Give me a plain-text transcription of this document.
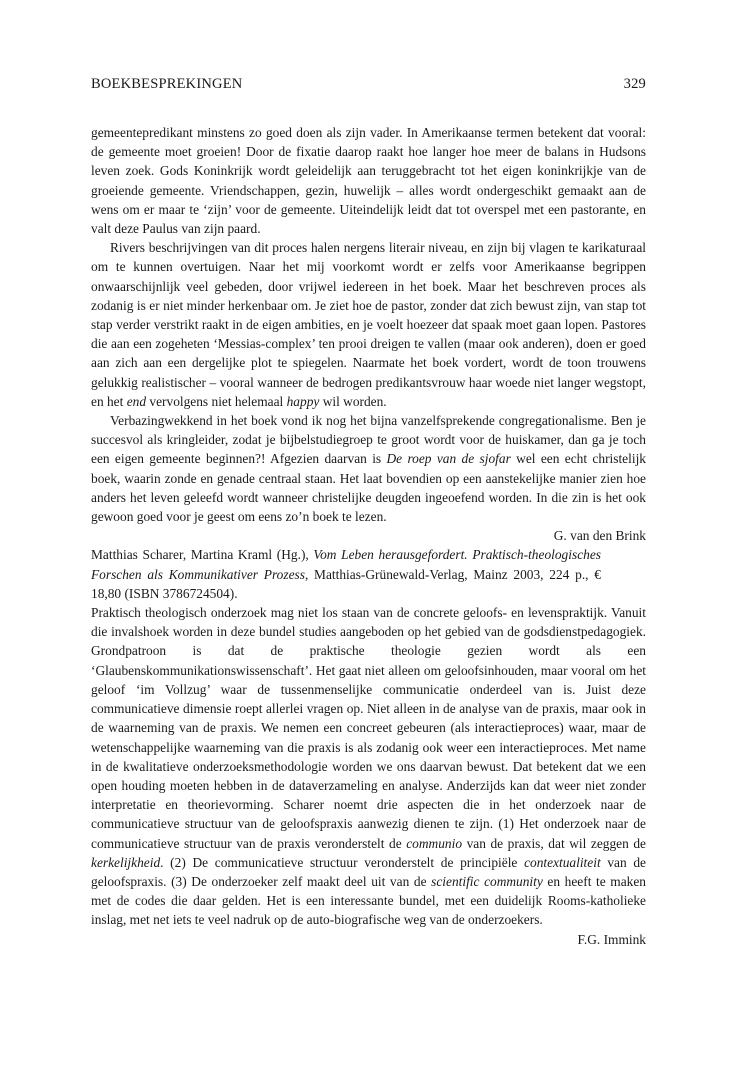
BOEKBESPREKINGEN	329

gemeentepredikant minstens zo goed doen als zijn vader. In Amerikaanse termen betekent dat vooral: de gemeente moet groeien! Door de fixatie daarop raakt hoe langer hoe meer de balans in Hudsons leven zoek. Gods Koninkrijk wordt geleidelijk aan teruggebracht tot het eigen koninkrijkje van de groeiende gemeente. Vriendschappen, gezin, huwelijk – alles wordt ondergeschikt gemaakt aan de wens om er maar te ‘zijn’ voor de gemeente. Uiteindelijk leidt dat tot overspel met een pastorante, en valt deze Paulus van zijn paard.

Rivers beschrijvingen van dit proces halen nergens literair niveau, en zijn bij vlagen te karikaturaal om te kunnen overtuigen. Naar het mij voorkomt wordt er zelfs voor Amerikaanse begrippen onwaarschijnlijk veel gebeden, door vrijwel iedereen in het boek. Maar het beschreven proces als zodanig is er niet minder herkenbaar om. Je ziet hoe de pastor, zonder dat zich bewust zijn, van stap tot stap verder verstrikt raakt in de eigen ambities, en je voelt hoezeer dat spaak moet gaan lopen. Pastores die aan een zogeheten ‘Messias-complex’ ten prooi dreigen te vallen (maar ook anderen), doen er goed aan zich aan een dergelijke plot te spiegelen. Naarmate het boek vordert, wordt de toon trouwens gelukkig realistischer – vooral wanneer de bedrogen predikantsvrouw haar woede niet langer wegstopt, en het end vervolgens niet helemaal happy wil worden.

Verbazingwekkend in het boek vond ik nog het bijna vanzelfsprekende congregationalisme. Ben je succesvol als kringleider, zodat je bijbelstudiegroep te groot wordt voor de huiskamer, dan ga je toch een eigen gemeente beginnen?! Afgezien daarvan is De roep van de sjofar wel een echt christelijk boek, waarin zonde en genade centraal staan. Het laat bovendien op een aanstekelijke manier zien hoe anders het leven geleefd wordt wanneer christelijke deugden ingeoefend worden. In die zin is het ook gewoon goed voor je geest om eens zo’n boek te lezen.

G. van den Brink

Matthias Scharer, Martina Kraml (Hg.), Vom Leben herausgefordert. Praktisch-theologisches Forschen als Kommunikativer Prozess, Matthias-Grünewald-Verlag, Mainz 2003, 224 p., € 18,80 (ISBN 3786724504).

Praktisch theologisch onderzoek mag niet los staan van de concrete geloofs- en levenspraktijk. Vanuit die invalshoek worden in deze bundel studies aangeboden op het gebied van de godsdienstpedagogiek. Grondpatroon is dat de praktische theologie gezien wordt als een ‘Glaubenskommunikationswissenschaft’. Het gaat niet alleen om geloofsinhouden, maar vooral om het geloof ‘im Vollzug’ waar de tussenmenselijke communicatie onderdeel van is. Juist deze communicatieve dimensie roept allerlei vragen op. Niet alleen in de analyse van de praxis, maar ook in de waarneming van de praxis. We nemen een concreet gebeuren (als interactieproces) waar, maar de wetenschappelijke waarneming van die praxis is als zodanig ook weer een interactieproces. Met name in de kwalitatieve onderzoeksmethodologie worden we ons daarvan bewust. Dat betekent dat we een open houding moeten hebben in de dataverzameling en analyse. Anderzijds kan dat weer niet zonder interpretatie en theorievorming. Scharer noemt drie aspecten die in het onderzoek naar de communicatieve structuur van de geloofspraxis aanwezig dienen te zijn. (1) Het onderzoek naar de communicatieve structuur van de praxis veronderstelt de communio van de praxis, dat wil zeggen de kerkelijkheid. (2) De communicatieve structuur veronderstelt de principiële contextualiteit van de geloofspraxis. (3) De onderzoeker zelf maakt deel uit van de scientific community en heeft te maken met de codes die daar gelden. Het is een interessante bundel, met een duidelijk Rooms-katholieke inslag, met net iets te veel nadruk op de auto-biografische weg van de onderzoekers.

F.G. Immink
